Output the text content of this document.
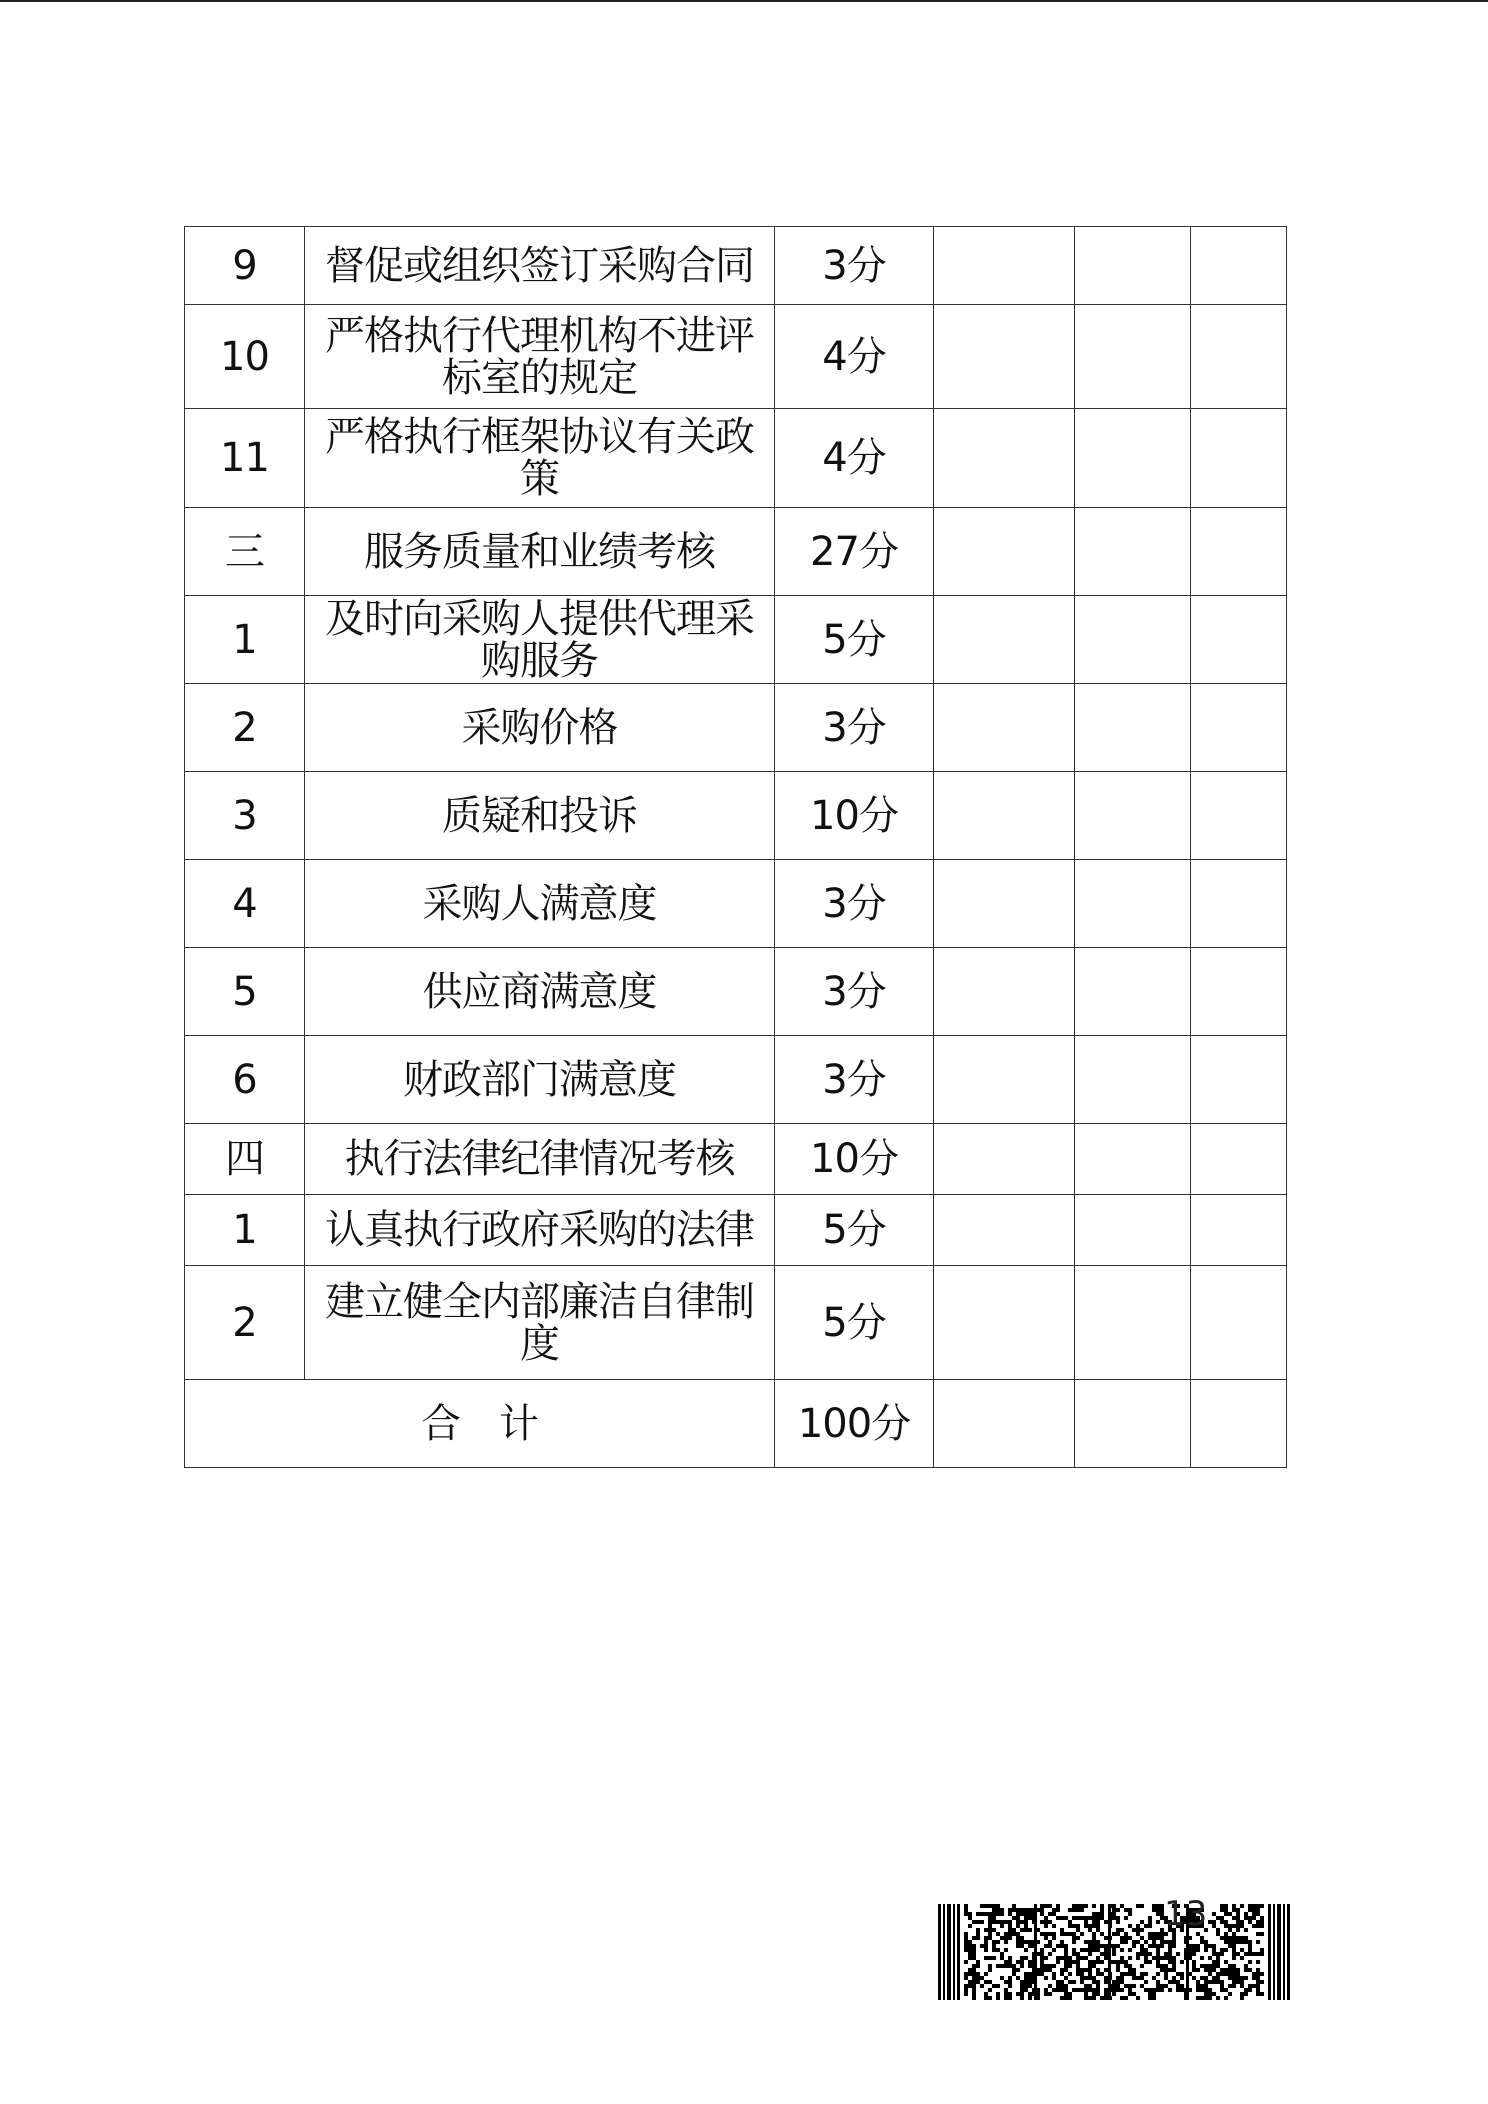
9	督促或组织签订采购合同	3分			
10	严格执行代理机构不进评标室的规定	4分			
11	严格执行框架协议有关政策	4分			
三	服务质量和业绩考核	27分			
1	及时向采购人提供代理采购服务	5分			
2	采购价格	3分			
3	质疑和投诉	10分			
4	采购人满意度	3分			
5	供应商满意度	3分			
6	财政部门满意度	3分			
四	执行法律纪律情况考核	10分			
1	认真执行政府采购的法律	5分			
2	建立健全内部廉洁自律制度	5分			
合　计		100分			
13
